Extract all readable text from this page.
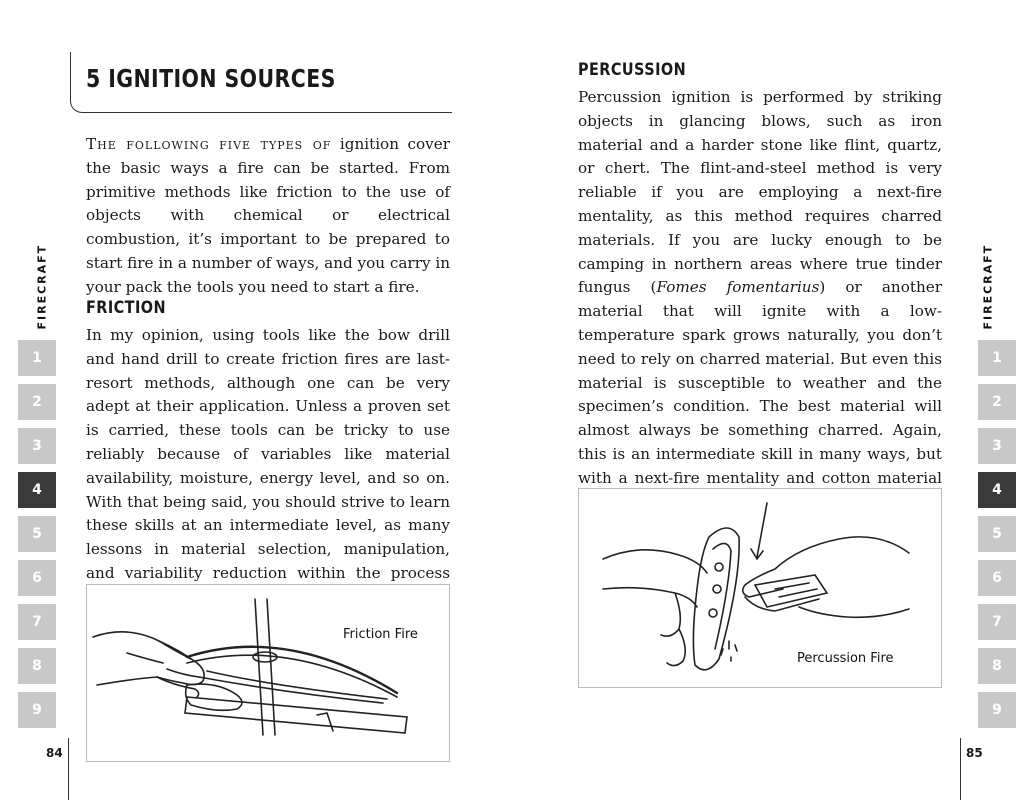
FIRECRAFT
1
2
3
4
5
6
7
8
9
84
5 IGNITION SOURCES

The following five types of ignition cover the basic ways a fire can be started. From primitive methods like friction to the use of objects with chemical or electrical combustion, it’s important to be prepared to start fire in a number of ways, and you carry in your pack the tools you need to start a fire.

FRICTION

In my opinion, using tools like the bow drill and hand drill to create friction fires are last-resort methods, although one can be very adept at their application. Unless a proven set is carried, these tools can be tricky to use reliably because of variables like material availability, moisture, energy level, and so on. With that being said, you should strive to learn these skills at an intermediate level, as many lessons in material selection, manipulation, and variability reduction within the process

Friction Fire
PERCUSSION

Percussion ignition is performed by striking objects in glancing blows, such as iron material and a harder stone like flint, quartz, or chert. The flint-and-steel method is very reliable if you are employing a next-fire mentality, as this method requires charred materials. If you are lucky enough to be camping in northern areas where true tinder fungus (Fomes fomentarius) or another material that will ignite with a low-temperature spark grows naturally, you don’t need to rely on charred material. But even this material is susceptible to weather and the specimen’s condition. The best material will almost always be something charred. Again, this is an intermediate skill in many ways, but with a next-fire mentality and cotton material

Percussion Fire
FIRECRAFT
1
2
3
4
5
6
7
8
9
85
